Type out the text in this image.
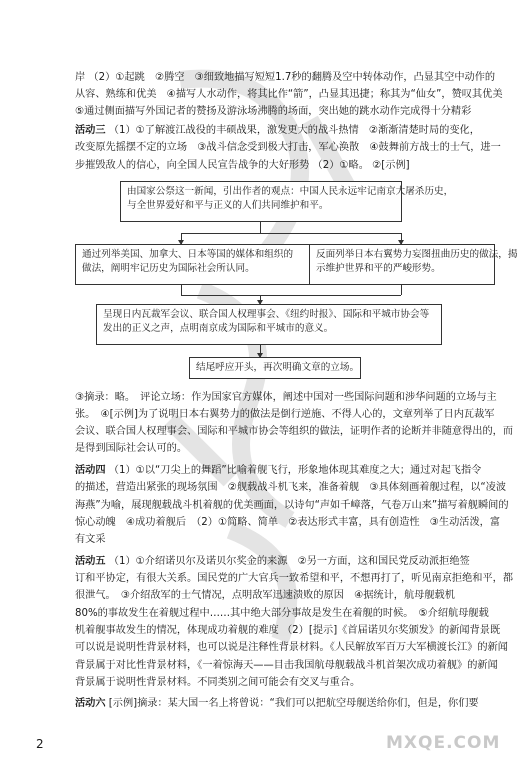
岸 （2）①起跳　②腾空　③细致地描写短短1.7秒的翻腾及空中转体动作，凸显其空中动作的
从容、熟练和优美　④描写人水动作，将其比作“箭”，凸显其迅捷；称其为“仙女”，赞叹其优美
⑤通过侧面描写外国记者的赞扬及游泳场沸腾的场面，突出她的跳水动作完成得十分精彩
活动三 （1）①了解渡江战役的丰硕战果，激发更大的战斗热情　②渐渐清楚时局的变化，
改变原先摇摆不定的立场　③战斗信念受到极大打击，军心涣散　④鼓舞前方战士的士气，进一
步摧毁敌人的信心，向全国人民宣告战争的大好形势 （2）①略。 ②[示例]
由国家公祭这一新闻，引出作者的观点：中国人民永远牢记南京大屠杀历史，
与全世界爱好和平与正义的人们共同维护和平。
通过列举美国、加拿大、日本等国的媒体和组织的
做法，阐明牢记历史为国际社会所认同。
反面列举日本右翼势力妄图扭曲历史的做法，揭
示维护世界和平的严峻形势。
呈现日内瓦裁军会议、联合国人权理事会、《纽约时报》、国际和平城市协会等
发出的正义之声，点明南京成为国际和平城市的意义。
结尾呼应开头，再次明确文章的立场。
③摘录：略。　评论立场：作为国家官方媒体，阐述中国对一些国际问题和涉华问题的立场与主
张。　④[示例]为了说明日本右翼势力的做法是倒行逆施、不得人心的，文章列举了日内瓦裁军
会议、联合国人权理事会、国际和平城市协会等组织的做法，证明作者的论断并非随意得出的，而
是得到国际社会认可的。
活动四 （1）①以“刀尖上的舞蹈”比喻着舰飞行，形象地体现其难度之大；通过对起飞指令
的描述，营造出紧张的现场氛围　②舰载战斗机飞来，准备着舰　③具体刻画着舰过程，以“凌波
海燕”为喻，展现舰载战斗机着舰的优美画面，以诗句“声如千嶂落，气卷万山来”描写着舰瞬间的
惊心动魄　④成功着舰后　（2）①简略、简单　②表达形式丰富，具有创造性　③生动活泼，富
有文采
活动五 （1）①介绍诺贝尔及诺贝尔奖金的来源　②另一方面，这和国民党反动派拒绝签
订和平协定，有很大关系。国民党的广大官兵一致希望和平，不想再打了，听见南京拒绝和平，都
很泄气。　③介绍敌军的士气情况，点明敌军迅速溃败的原因　④据统计，航母舰载机
80%的事故发生在着舰过程中……其中绝大部分事故是发生在着舰的时候。　⑤介绍航母舰载
机着舰事故发生的情况，体现成功着舰的难度 （2）[提示]《首届诺贝尔奖颁发》的新闻背景既
可以说是说明性背景材料，也可以说是注释性背景材料。《人民解放军百万大军横渡长江》的新闻
背景属于对比性背景材料，《一着惊海天——目击我国航母舰载战斗机首架次成功着舰》的新闻
背景属于说明性背景材料。不同类别之间可能会有交叉与重合。
活动六 [示例]摘录：某大国一名上将曾说：“我们可以把航空母舰送给你们，但是，你们要
2	MXQE.COM
